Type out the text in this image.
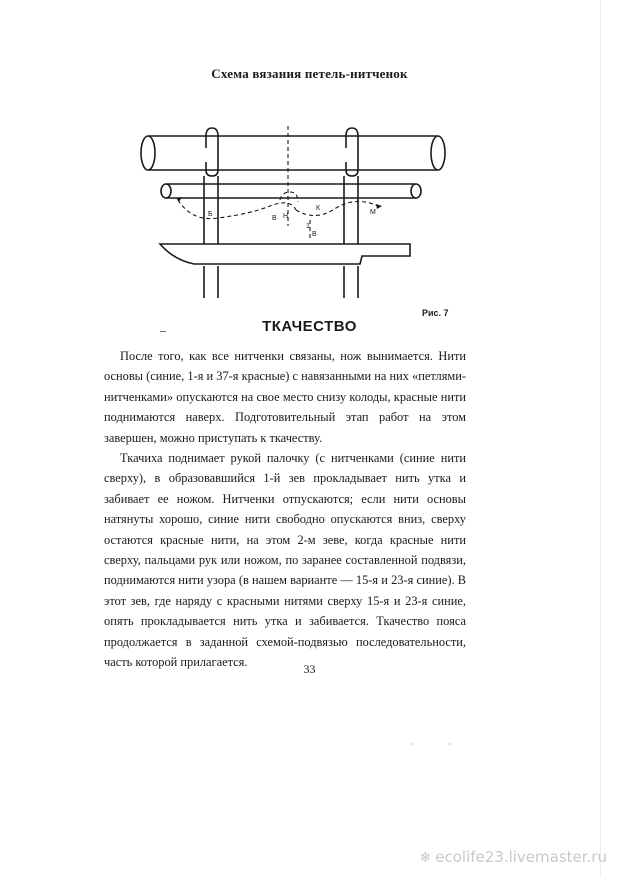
Схема вязания петель-нитченок
Б
К
М
Н
В
1
В
Рис. 7
–	ТКАЧЕСТВО

После того, как все нитченки связаны, нож вынимается. Нити основы (синие, 1-я и 37-я красные) с навязанными на них «петлями-нитченками» опускаются на свое место снизу колоды, красные нити поднимаются наверх. Подготовительный этап работ на этом завершен, можно приступать к ткачеству.

Ткачиха поднимает рукой палочку (с нитченками (синие нити сверху), в образовавшийся 1-й зев прокладывает нить утка и забивает ее ножом. Нитченки отпускаются; если нити основы натянуты хорошо, синие нити свободно опускаются вниз, сверху остаются красные нити, на этом 2-м зеве, когда красные нити сверху, пальцами рук или ножом, по заранее составленной подвязи, поднимаются нити узора (в нашем варианте — 15-я и 23-я синие). В этот зев, где наряду с красными нитями сверху 15-я и 23-я синие, опять прокладывается нить утка и забивается. Ткачество пояса продолжается в заданной схемой-подвязью последовательности, часть которой прилагается.	33
·	·
❄ ecolife23.livemaster.ru
